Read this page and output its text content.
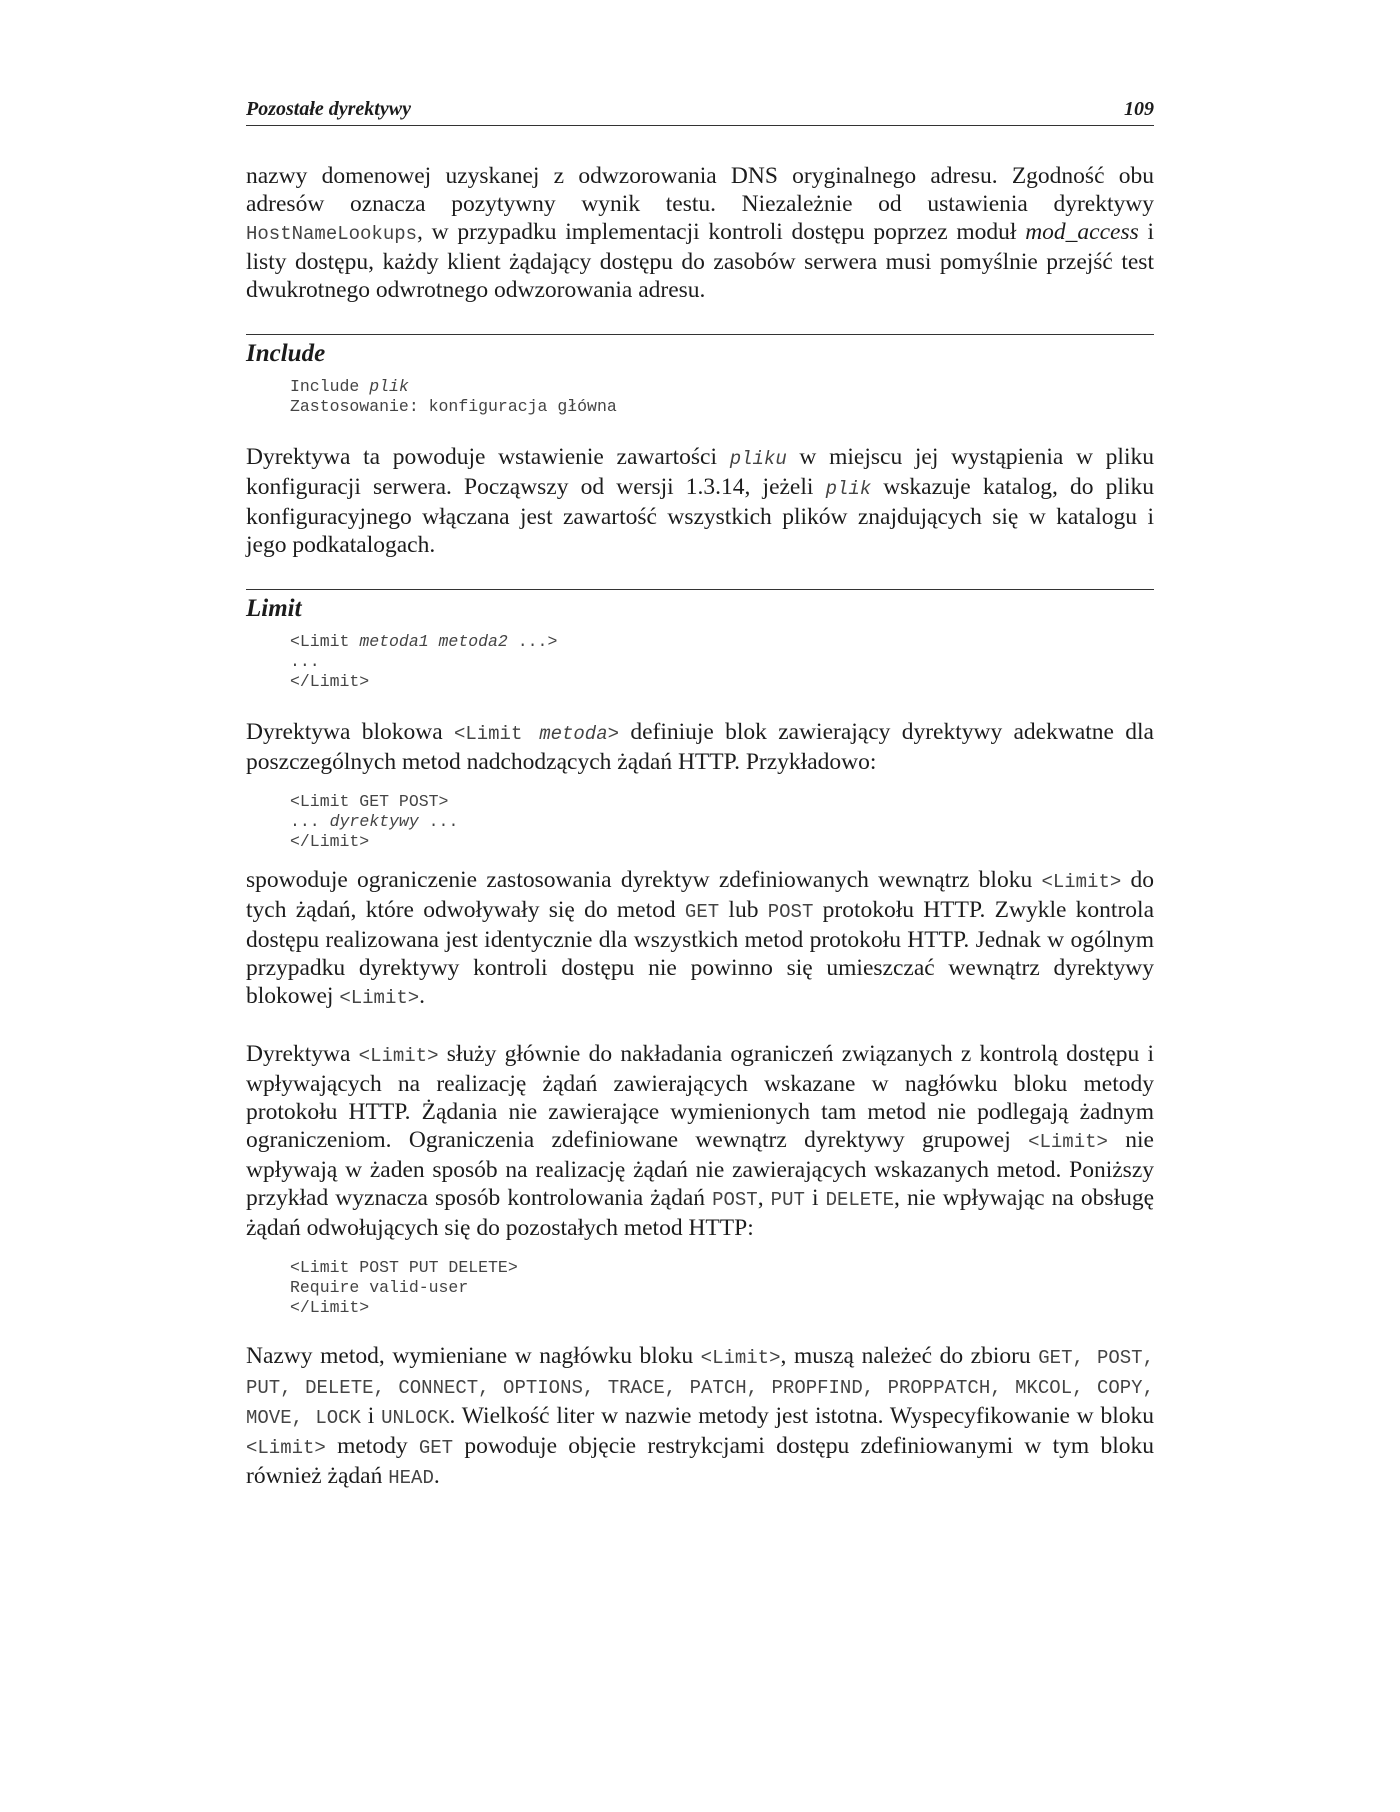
Pozostałe dyrektywy	109

nazwy domenowej uzyskanej z odwzorowania DNS oryginalnego adresu. Zgodność obu adresów oznacza pozytywny wynik testu. Niezależnie od ustawienia dyrektywy HostNameLookups, w przypadku implementacji kontroli dostępu poprzez moduł mod_access i listy dostępu, każdy klient żądający dostępu do zasobów serwera musi pomyślnie przejść test dwukrotnego odwrotnego odwzorowania adresu.

Include
Include plik
Zastosowanie: konfiguracja główna

Dyrektywa ta powoduje wstawienie zawartości pliku w miejscu jej wystąpienia w pliku konfiguracji serwera. Począwszy od wersji 1.3.14, jeżeli plik wskazuje katalog, do pliku konfiguracyjnego włączana jest zawartość wszystkich plików znajdujących się w katalogu i jego podkatalogach.

Limit
<Limit metoda1 metoda2 ...>
...
</Limit>

Dyrektywa blokowa <Limit metoda> definiuje blok zawierający dyrektywy adekwatne dla poszczególnych metod nadchodzących żądań HTTP. Przykładowo:

<Limit GET POST>
... dyrektywy ...
</Limit>

spowoduje ograniczenie zastosowania dyrektyw zdefiniowanych wewnątrz bloku <Limit> do tych żądań, które odwoływały się do metod GET lub POST protokołu HTTP. Zwykle kontrola dostępu realizowana jest identycznie dla wszystkich metod protokołu HTTP. Jednak w ogólnym przypadku dyrektywy kontroli dostępu nie powinno się umieszczać wewnątrz dyrektywy blokowej <Limit>.

Dyrektywa <Limit> służy głównie do nakładania ograniczeń związanych z kontrolą dostępu i wpływających na realizację żądań zawierających wskazane w nagłówku bloku metody protokołu HTTP. Żądania nie zawierające wymienionych tam metod nie podlegają żadnym ograniczeniom. Ograniczenia zdefiniowane wewnątrz dyrektywy grupowej <Limit> nie wpływają w żaden sposób na realizację żądań nie zawierających wskazanych metod. Poniższy przykład wyznacza sposób kontrolowania żądań POST, PUT i DELETE, nie wpływając na obsługę żądań odwołujących się do pozostałych metod HTTP:

<Limit POST PUT DELETE>
Require valid-user
</Limit>

Nazwy metod, wymieniane w nagłówku bloku <Limit>, muszą należeć do zbioru GET, POST, PUT, DELETE, CONNECT, OPTIONS, TRACE, PATCH, PROPFIND, PROPPATCH, MKCOL, COPY, MOVE, LOCK i UNLOCK. Wielkość liter w nazwie metody jest istotna. Wyspecyfikowanie w bloku <Limit> metody GET powoduje objęcie restrykcjami dostępu zdefiniowanymi w tym bloku również żądań HEAD.
